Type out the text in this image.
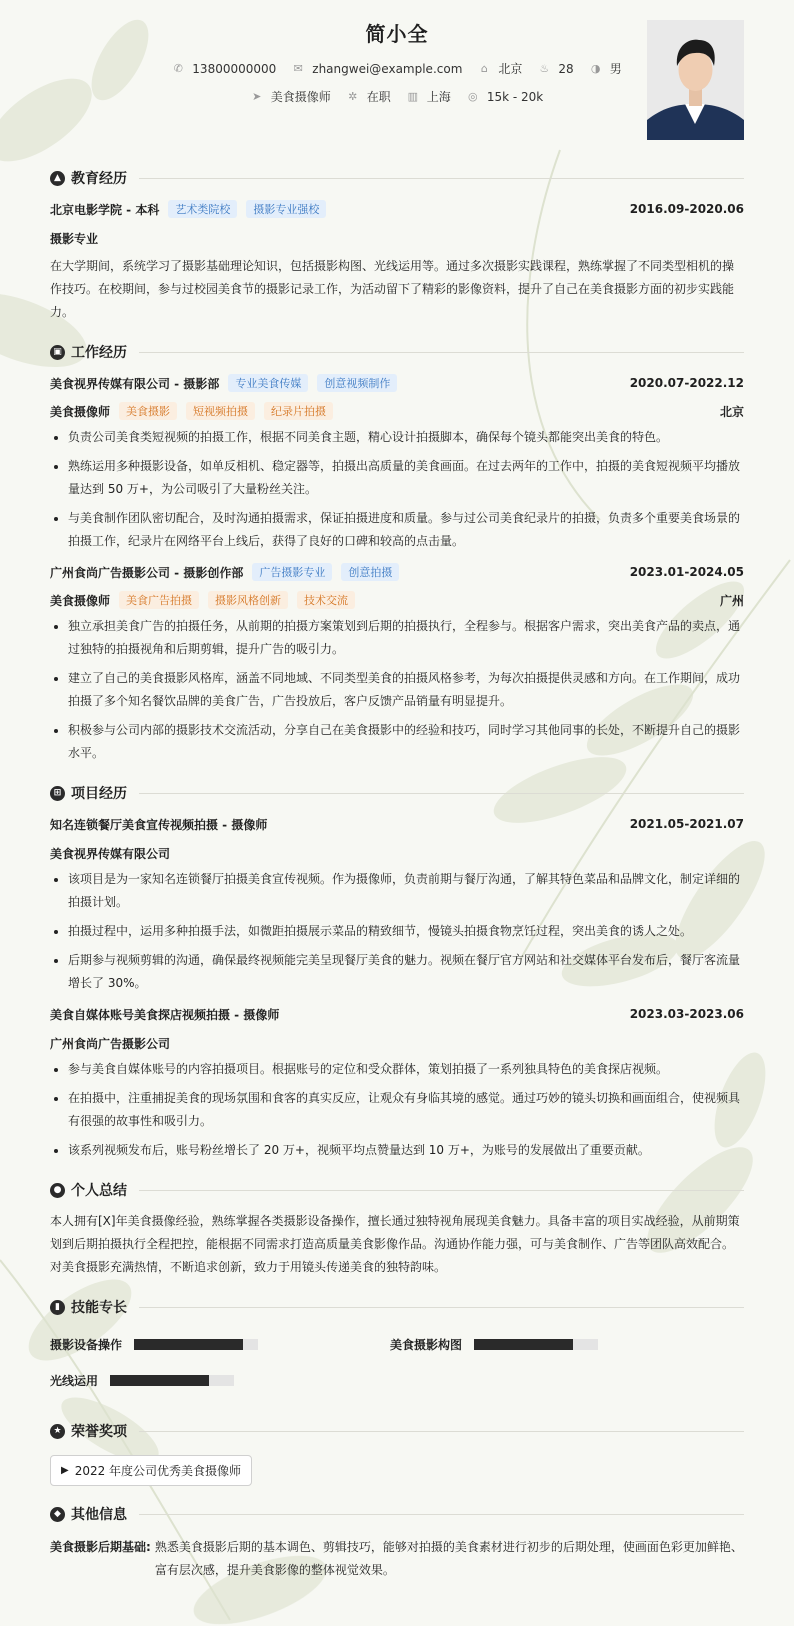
简小全
✆ 13800000000 ✉ zhangwei@example.com ⌂ 北京 ♨ 28 ◑ 男
➤ 美食摄像师 ✲ 在职 ▥ 上海 ◎ 15k - 20k
▲ 教育经历
北京电影学院 - 本科	艺术类院校	摄影专业强校	2016.09-2020.06
摄影专业
在大学期间，系统学习了摄影基础理论知识，包括摄影构图、光线运用等。通过多次摄影实践课程，熟练掌握了不同类型相机的操作技巧。在校期间，参与过校园美食节的摄影记录工作，为活动留下了精彩的影像资料，提升了自己在美食摄影方面的初步实践能力。
▣ 工作经历
美食视界传媒有限公司 - 摄影部	专业美食传媒	创意视频制作	2020.07-2022.12
美食摄像师	美食摄影	短视频拍摄	纪录片拍摄	北京
• 负责公司美食类短视频的拍摄工作，根据不同美食主题，精心设计拍摄脚本，确保每个镜头都能突出美食的特色。
• 熟练运用多种摄影设备，如单反相机、稳定器等，拍摄出高质量的美食画面。在过去两年的工作中，拍摄的美食短视频平均播放量达到 50 万+，为公司吸引了大量粉丝关注。
• 与美食制作团队密切配合，及时沟通拍摄需求，保证拍摄进度和质量。参与过公司美食纪录片的拍摄，负责多个重要美食场景的拍摄工作，纪录片在网络平台上线后，获得了良好的口碑和较高的点击量。
广州食尚广告摄影公司 - 摄影创作部	广告摄影专业	创意拍摄	2023.01-2024.05
美食摄像师	美食广告拍摄	摄影风格创新	技术交流	广州
• 独立承担美食广告的拍摄任务，从前期的拍摄方案策划到后期的拍摄执行，全程参与。根据客户需求，突出美食产品的卖点，通过独特的拍摄视角和后期剪辑，提升广告的吸引力。
• 建立了自己的美食摄影风格库，涵盖不同地域、不同类型美食的拍摄风格参考，为每次拍摄提供灵感和方向。在工作期间，成功拍摄了多个知名餐饮品牌的美食广告，广告投放后，客户反馈产品销量有明显提升。
• 积极参与公司内部的摄影技术交流活动，分享自己在美食摄影中的经验和技巧，同时学习其他同事的长处，不断提升自己的摄影水平。
⊞ 项目经历
知名连锁餐厅美食宣传视频拍摄 - 摄像师	2021.05-2021.07
美食视界传媒有限公司
• 该项目是为一家知名连锁餐厅拍摄美食宣传视频。作为摄像师，负责前期与餐厅沟通，了解其特色菜品和品牌文化，制定详细的拍摄计划。
• 拍摄过程中，运用多种拍摄手法，如微距拍摄展示菜品的精致细节，慢镜头拍摄食物烹饪过程，突出美食的诱人之处。
• 后期参与视频剪辑的沟通，确保最终视频能完美呈现餐厅美食的魅力。视频在餐厅官方网站和社交媒体平台发布后，餐厅客流量增长了 30%。
美食自媒体账号美食探店视频拍摄 - 摄像师	2023.03-2023.06
广州食尚广告摄影公司
• 参与美食自媒体账号的内容拍摄项目。根据账号的定位和受众群体，策划拍摄了一系列独具特色的美食探店视频。
• 在拍摄中，注重捕捉美食的现场氛围和食客的真实反应，让观众有身临其境的感觉。通过巧妙的镜头切换和画面组合，使视频具有很强的故事性和吸引力。
• 该系列视频发布后，账号粉丝增长了 20 万+，视频平均点赞量达到 10 万+，为账号的发展做出了重要贡献。
● 个人总结
本人拥有[X]年美食摄像经验，熟练掌握各类摄影设备操作，擅长通过独特视角展现美食魅力。具备丰富的项目实战经验，从前期策划到后期拍摄执行全程把控，能根据不同需求打造高质量美食影像作品。沟通协作能力强，可与美食制作、广告等团队高效配合。对美食摄影充满热情，不断追求创新，致力于用镜头传递美食的独特韵味。
▮ 技能专长
摄影设备操作	美食摄影构图
光线运用
★ 荣誉奖项
▶ 2022 年度公司优秀美食摄像师
◆ 其他信息
美食摄影后期基础: 熟悉美食摄影后期的基本调色、剪辑技巧，能够对拍摄的美食素材进行初步的后期处理，使画面色彩更加鲜艳、富有层次感，提升美食影像的整体视觉效果。
